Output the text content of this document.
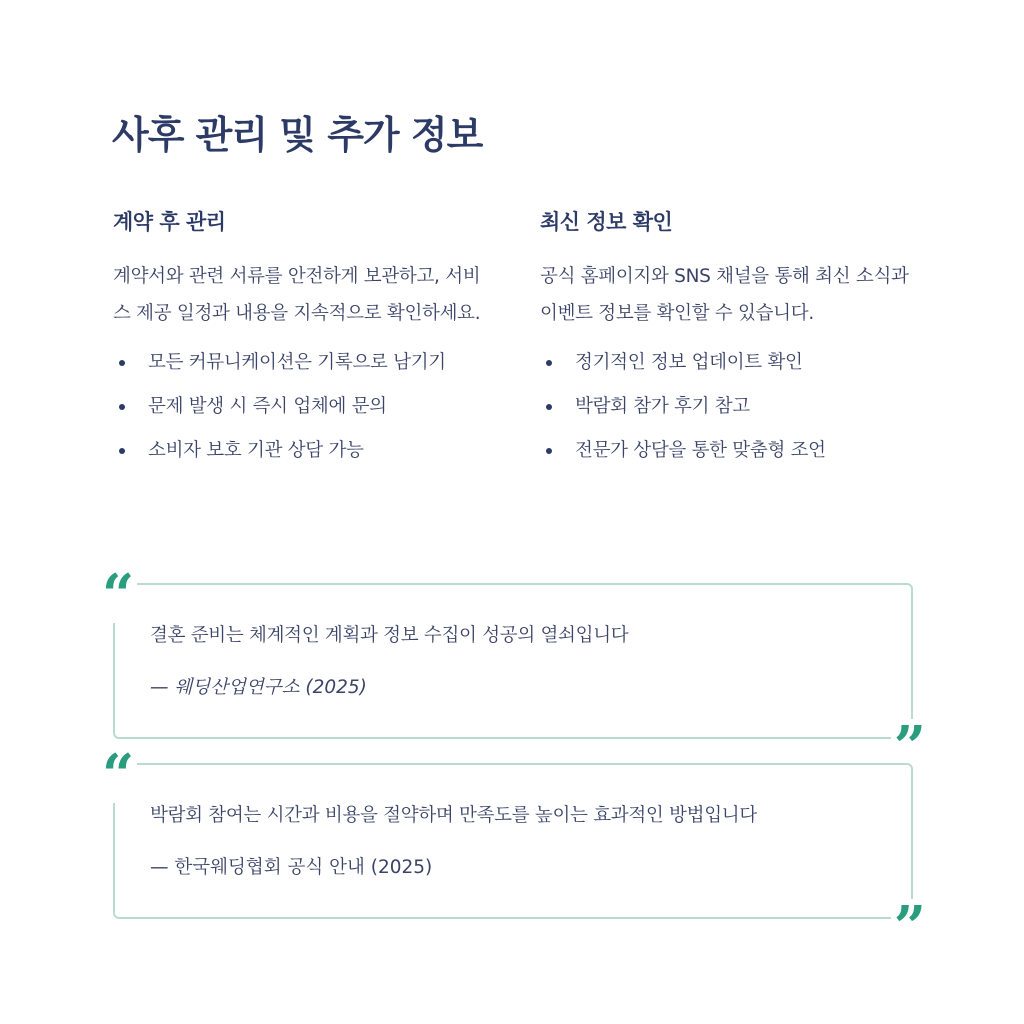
사후 관리 및 추가 정보
계약 후 관리

계약서와 관련 서류를 안전하게 보관하고, 서비스 제공 일정과 내용을 지속적으로 확인하세요.

모든 커뮤니케이션은 기록으로 남기기
문제 발생 시 즉시 업체에 문의
소비자 보호 기관 상담 가능
최신 정보 확인

공식 홈페이지와 SNS 채널을 통해 최신 소식과 이벤트 정보를 확인할 수 있습니다.

정기적인 정보 업데이트 확인
박람회 참가 후기 참고
전문가 상담을 통한 맞춤형 조언
“
결혼 준비는 체계적인 계획과 정보 수집이 성공의 열쇠입니다
— 웨딩산업연구소 (2025)
”
“
박람회 참여는 시간과 비용을 절약하며 만족도를 높이는 효과적인 방법입니다
— 한국웨딩협회 공식 안내 (2025)
”
